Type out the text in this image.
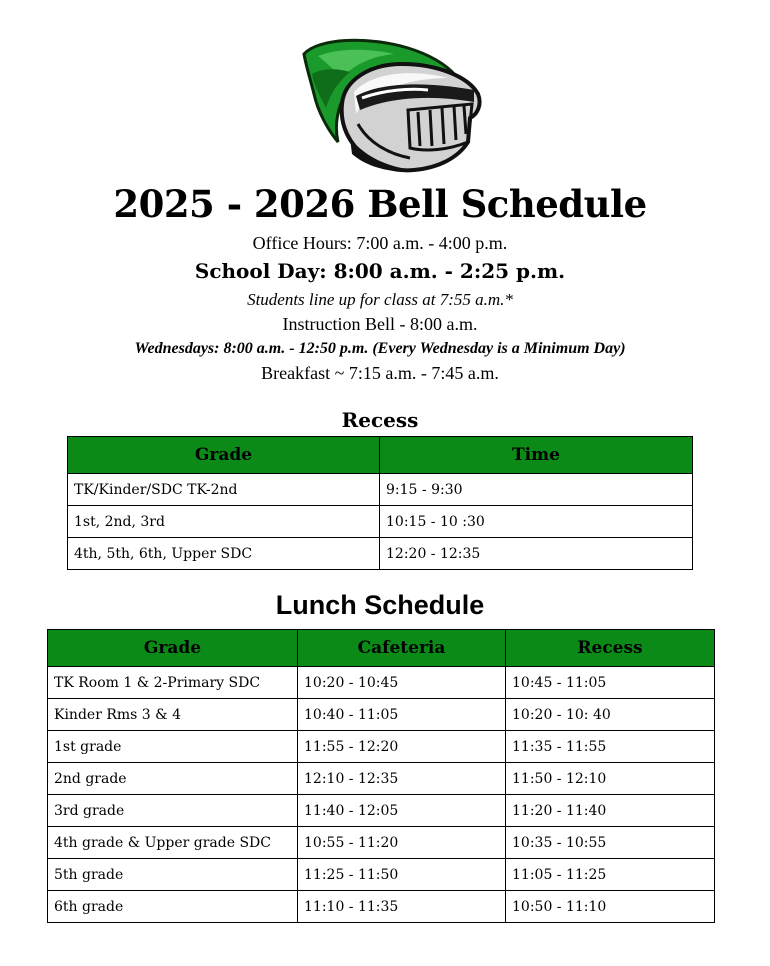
2025 - 2026 Bell Schedule
Office Hours: 7:00 a.m. - 4:00 p.m.
School Day: 8:00 a.m. - 2:25 p.m.
Students line up for class at 7:55 a.m.*
Instruction Bell - 8:00 a.m.
Wednesdays: 8:00 a.m. - 12:50 p.m. (Every Wednesday is a Minimum Day)
Breakfast ~ 7:15 a.m. - 7:45 a.m.
Recess
Grade	Time
TK/Kinder/SDC TK-2nd	9:15 - 9:30
1st, 2nd, 3rd	10:15 - 10 :30
4th, 5th, 6th, Upper SDC	12:20 - 12:35
Lunch Schedule
Grade	Cafeteria	Recess
TK Room 1 & 2-Primary SDC	10:20 - 10:45	10:45 - 11:05
Kinder Rms 3 & 4	10:40 - 11:05	10:20 - 10: 40
1st grade	11:55 - 12:20	11:35 - 11:55
2nd grade	12:10 - 12:35	11:50 - 12:10
3rd grade	11:40 - 12:05	11:20 - 11:40
4th grade & Upper grade SDC	10:55 - 11:20	10:35 - 10:55
5th grade	11:25 - 11:50	11:05 - 11:25
6th grade	11:10 - 11:35	10:50 - 11:10
